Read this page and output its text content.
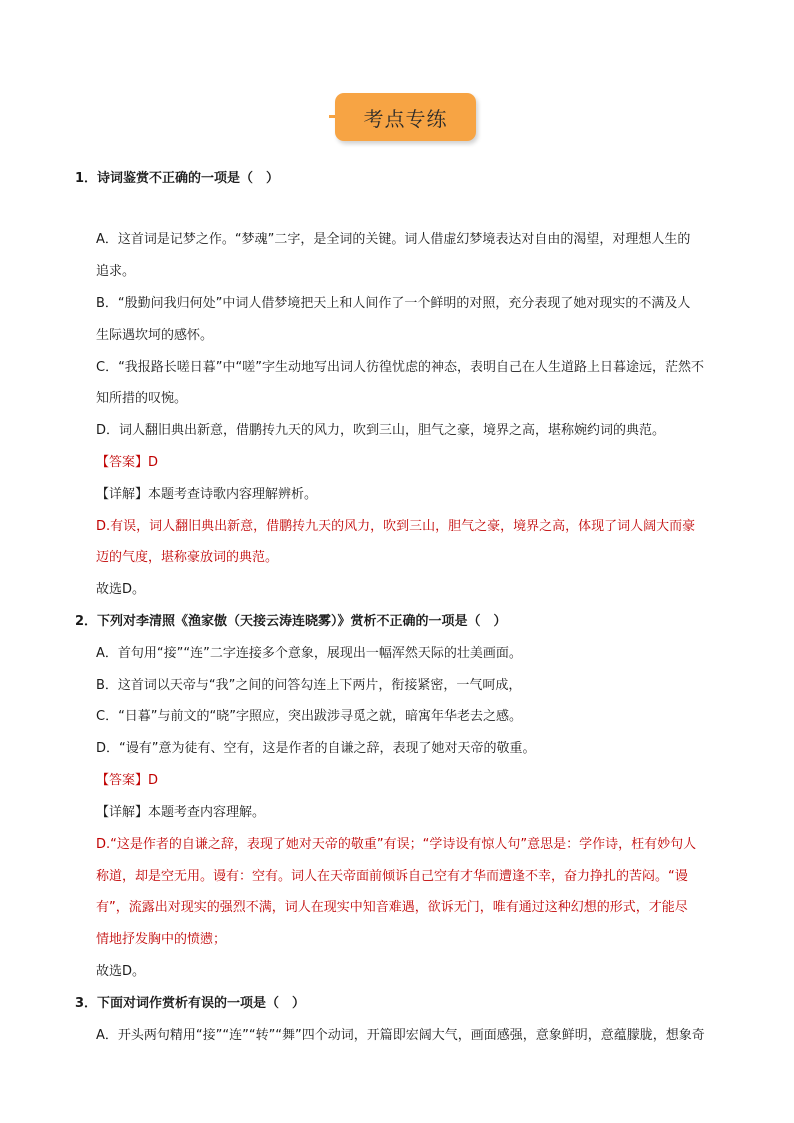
考点专练
1．诗词鉴赏不正确的一项是（　）
A．这首词是记梦之作。“梦魂”二字，是全词的关键。词人借虚幻梦境表达对自由的渴望，对理想人生的
追求。
B．“殷勤问我归何处”中词人借梦境把天上和人间作了一个鲜明的对照，充分表现了她对现实的不满及人
生际遇坎坷的感怀。
C．“我报路长嗟日暮”中“嗟”字生动地写出词人彷徨忧虑的神态，表明自己在人生道路上日暮途远，茫然不
知所措的叹惋。
D．词人翻旧典出新意，借鹏抟九天的风力，吹到三山，胆气之豪，境界之高，堪称婉约词的典范。
【答案】D
【详解】本题考查诗歌内容理解辨析。
D.有误，词人翻旧典出新意，借鹏抟九天的风力，吹到三山，胆气之豪，境界之高，体现了词人阔大而豪
迈的气度，堪称豪放词的典范。
故选D。
2．下列对李清照《渔家傲（天接云涛连晓雾）》赏析不正确的一项是（　）
A．首句用“接”“连”二字连接多个意象，展现出一幅浑然天际的壮美画面。
B．这首词以天帝与“我”之间的问答勾连上下两片，衔接紧密，一气呵成，
C．“日暮”与前文的“晓”字照应，突出跋涉寻觅之就，暗寓年华老去之感。
D．“谩有”意为徒有、空有，这是作者的自谦之辞，表现了她对天帝的敬重。
【答案】D
【详解】本题考查内容理解。
D.“这是作者的自谦之辞，表现了她对天帝的敬重”有误；“学诗设有惊人句”意思是：学作诗，枉有妙句人
称道，却是空无用。谩有：空有。词人在天帝面前倾诉自己空有才华而遭逢不幸，奋力挣扎的苦闷。“谩
有”，流露出对现实的强烈不满，词人在现实中知音难遇，欲诉无门，唯有通过这种幻想的形式，才能尽
情地抒发胸中的愤懑；
故选D。
3．下面对词作赏析有误的一项是（　）
A．开头两句精用“接”“连”“转”“舞”四个动词，开篇即宏阔大气，画面感强，意象鲜明，意蕴朦胧，想象奇
